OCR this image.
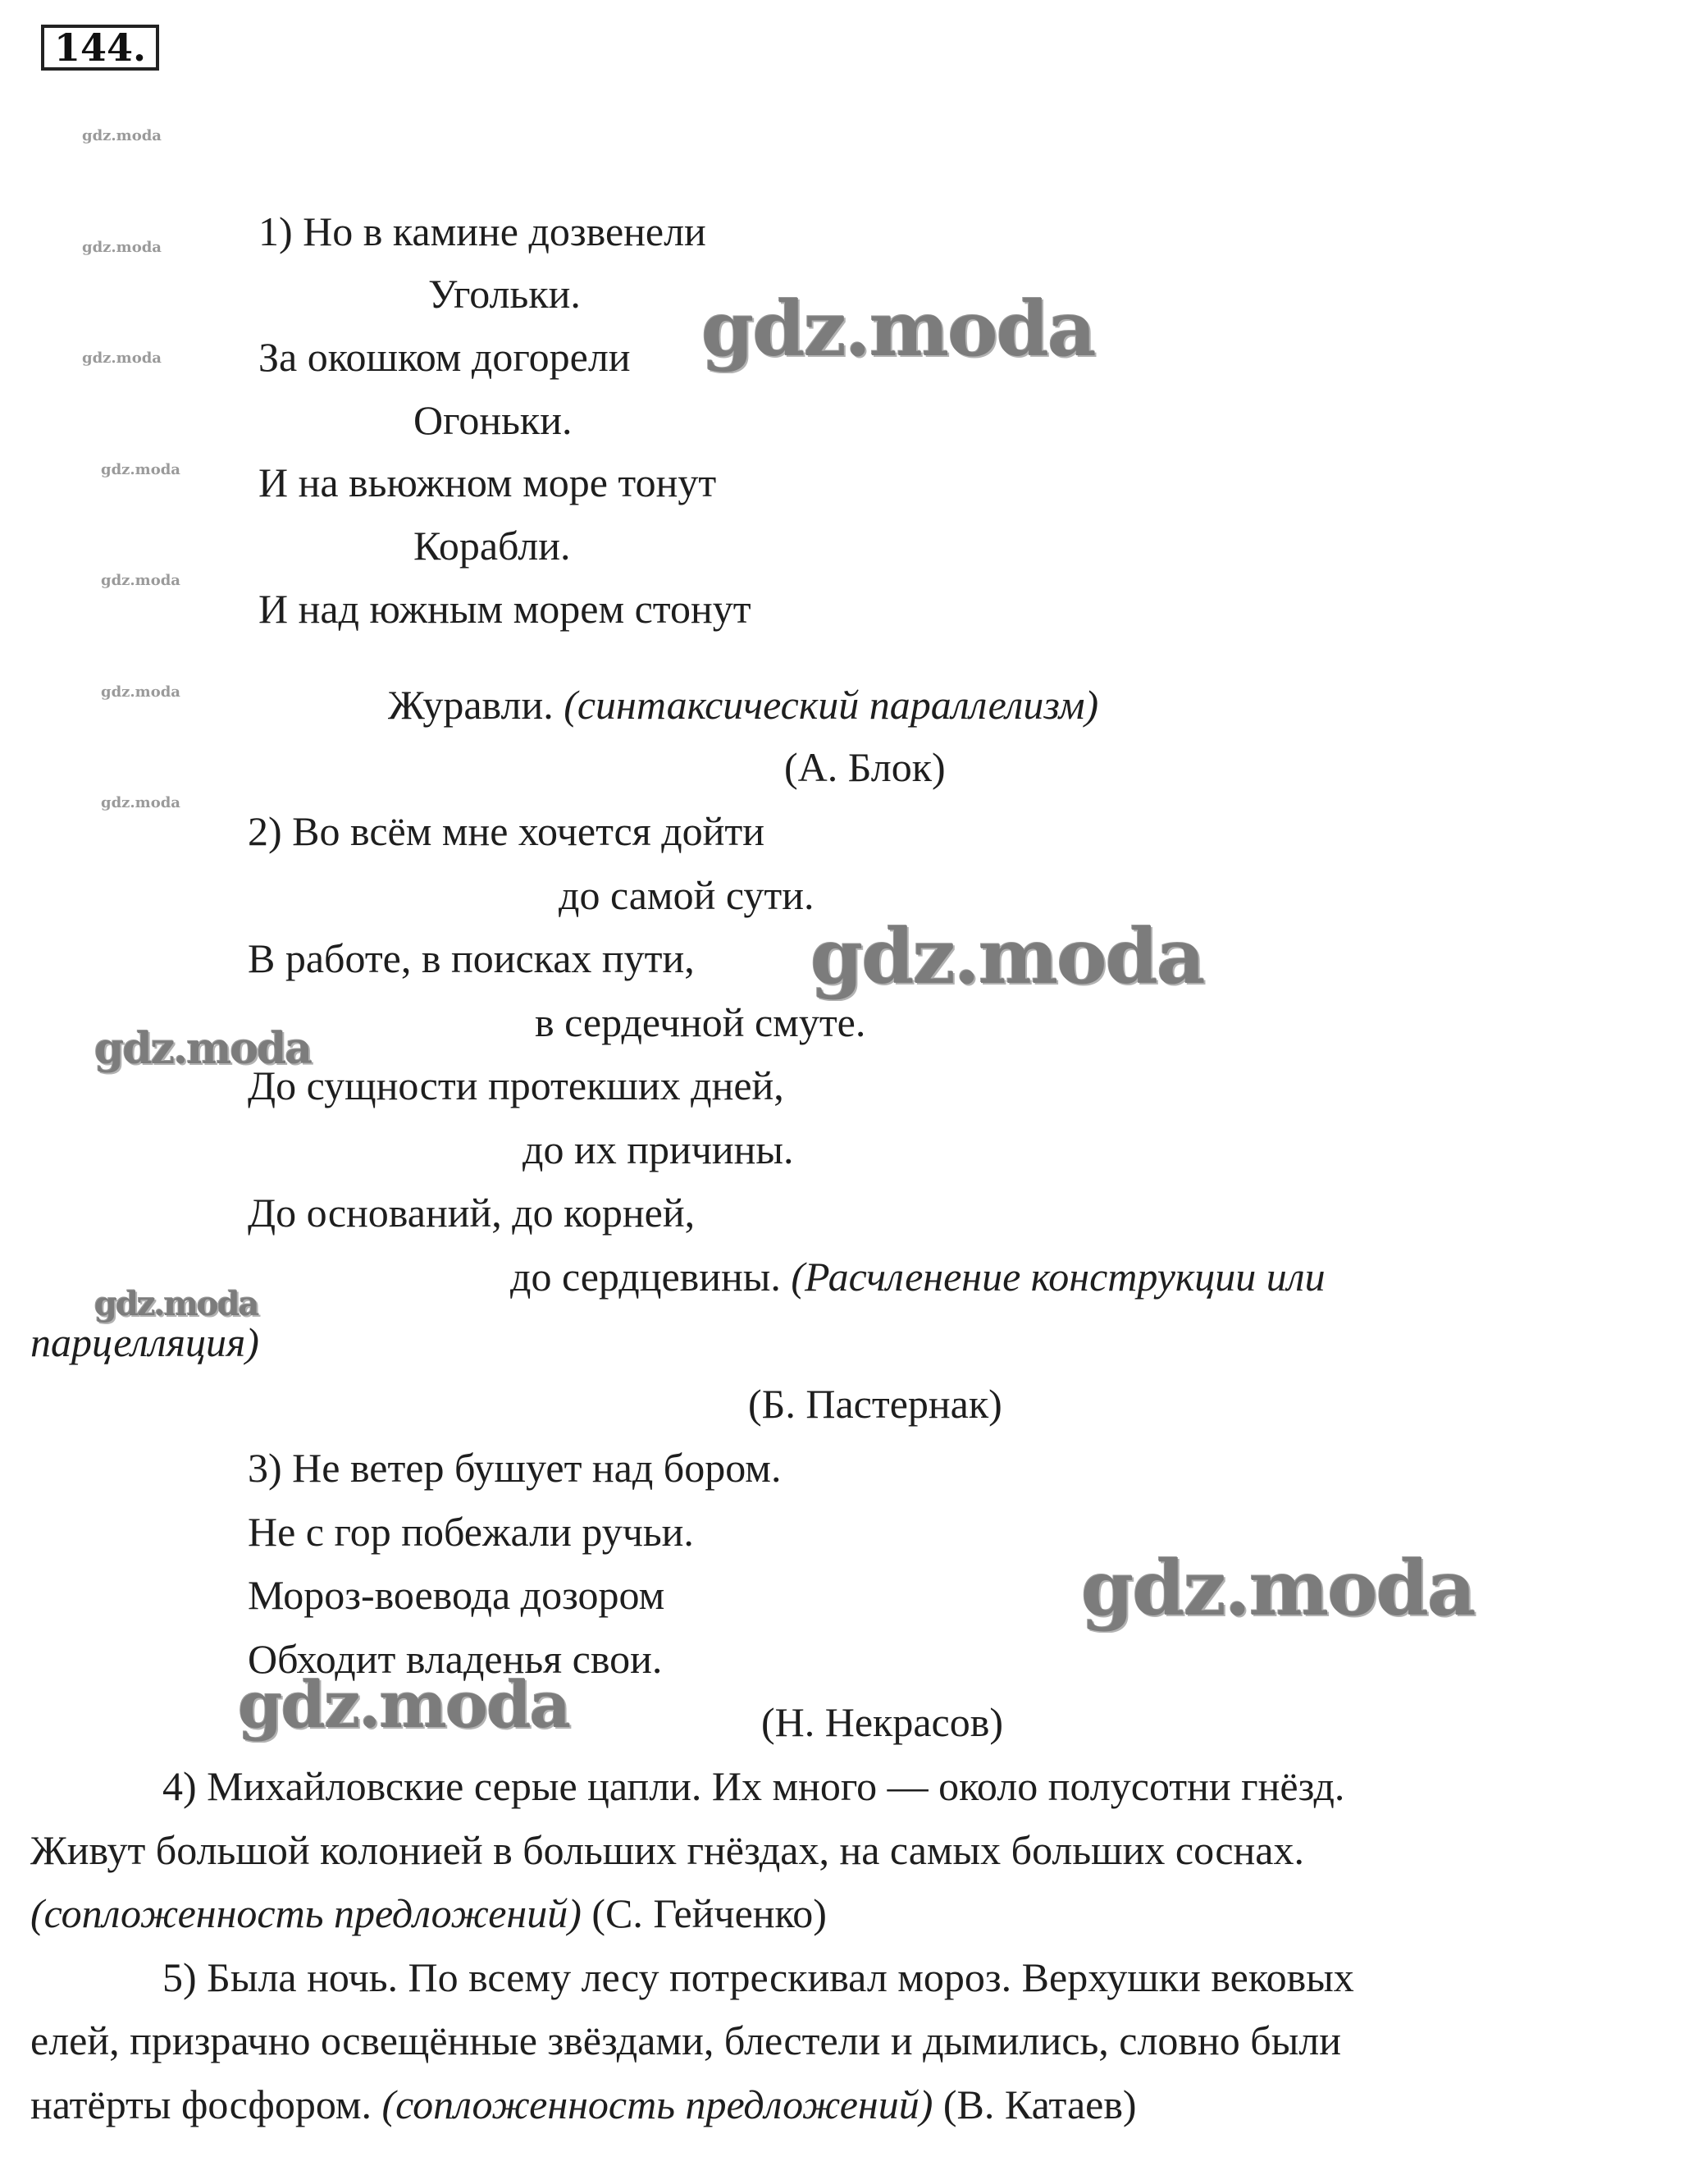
144.
gdz.moda
gdz.moda
gdz.moda
gdz.moda
gdz.moda
gdz.moda
gdz.moda
1) Но в камине дозвенели
Угольки.
За окошком догорели
Огоньки.
И на вьюжном море тонут
Корабли.
И над южным морем стонут
Журавли. (синтаксический параллелизм)
(А. Блок)
2) Во всём мне хочется дойти
до самой сути.
В работе, в поисках пути,
в сердечной смуте.
До сущности протекших дней,
до их причины.
До оснований, до корней,
до сердцевины. (Расчленение конструкции или
парцелляция)
(Б. Пастернак)
3) Не ветер бушует над бором.
Не с гор побежали ручьи.
Мороз-воевода дозором
Обходит владенья свои.
(Н. Некрасов)
4) Михайловские серые цапли. Их много — около полусотни гнёзд.
Живут большой колонией в больших гнёздах, на самых больших соснах.
(сопложенность предложений) (С. Гейченко)
5) Была ночь. По всему лесу потрескивал мороз. Верхушки вековых
елей, призрачно освещённые звёздами, блестели и дымились, словно были
натёрты фосфором. (сопложенность предложений) (В. Катаев)
gdz.moda
gdz.moda
gdz.moda
gdz.moda
gdz.moda
gdz.moda
